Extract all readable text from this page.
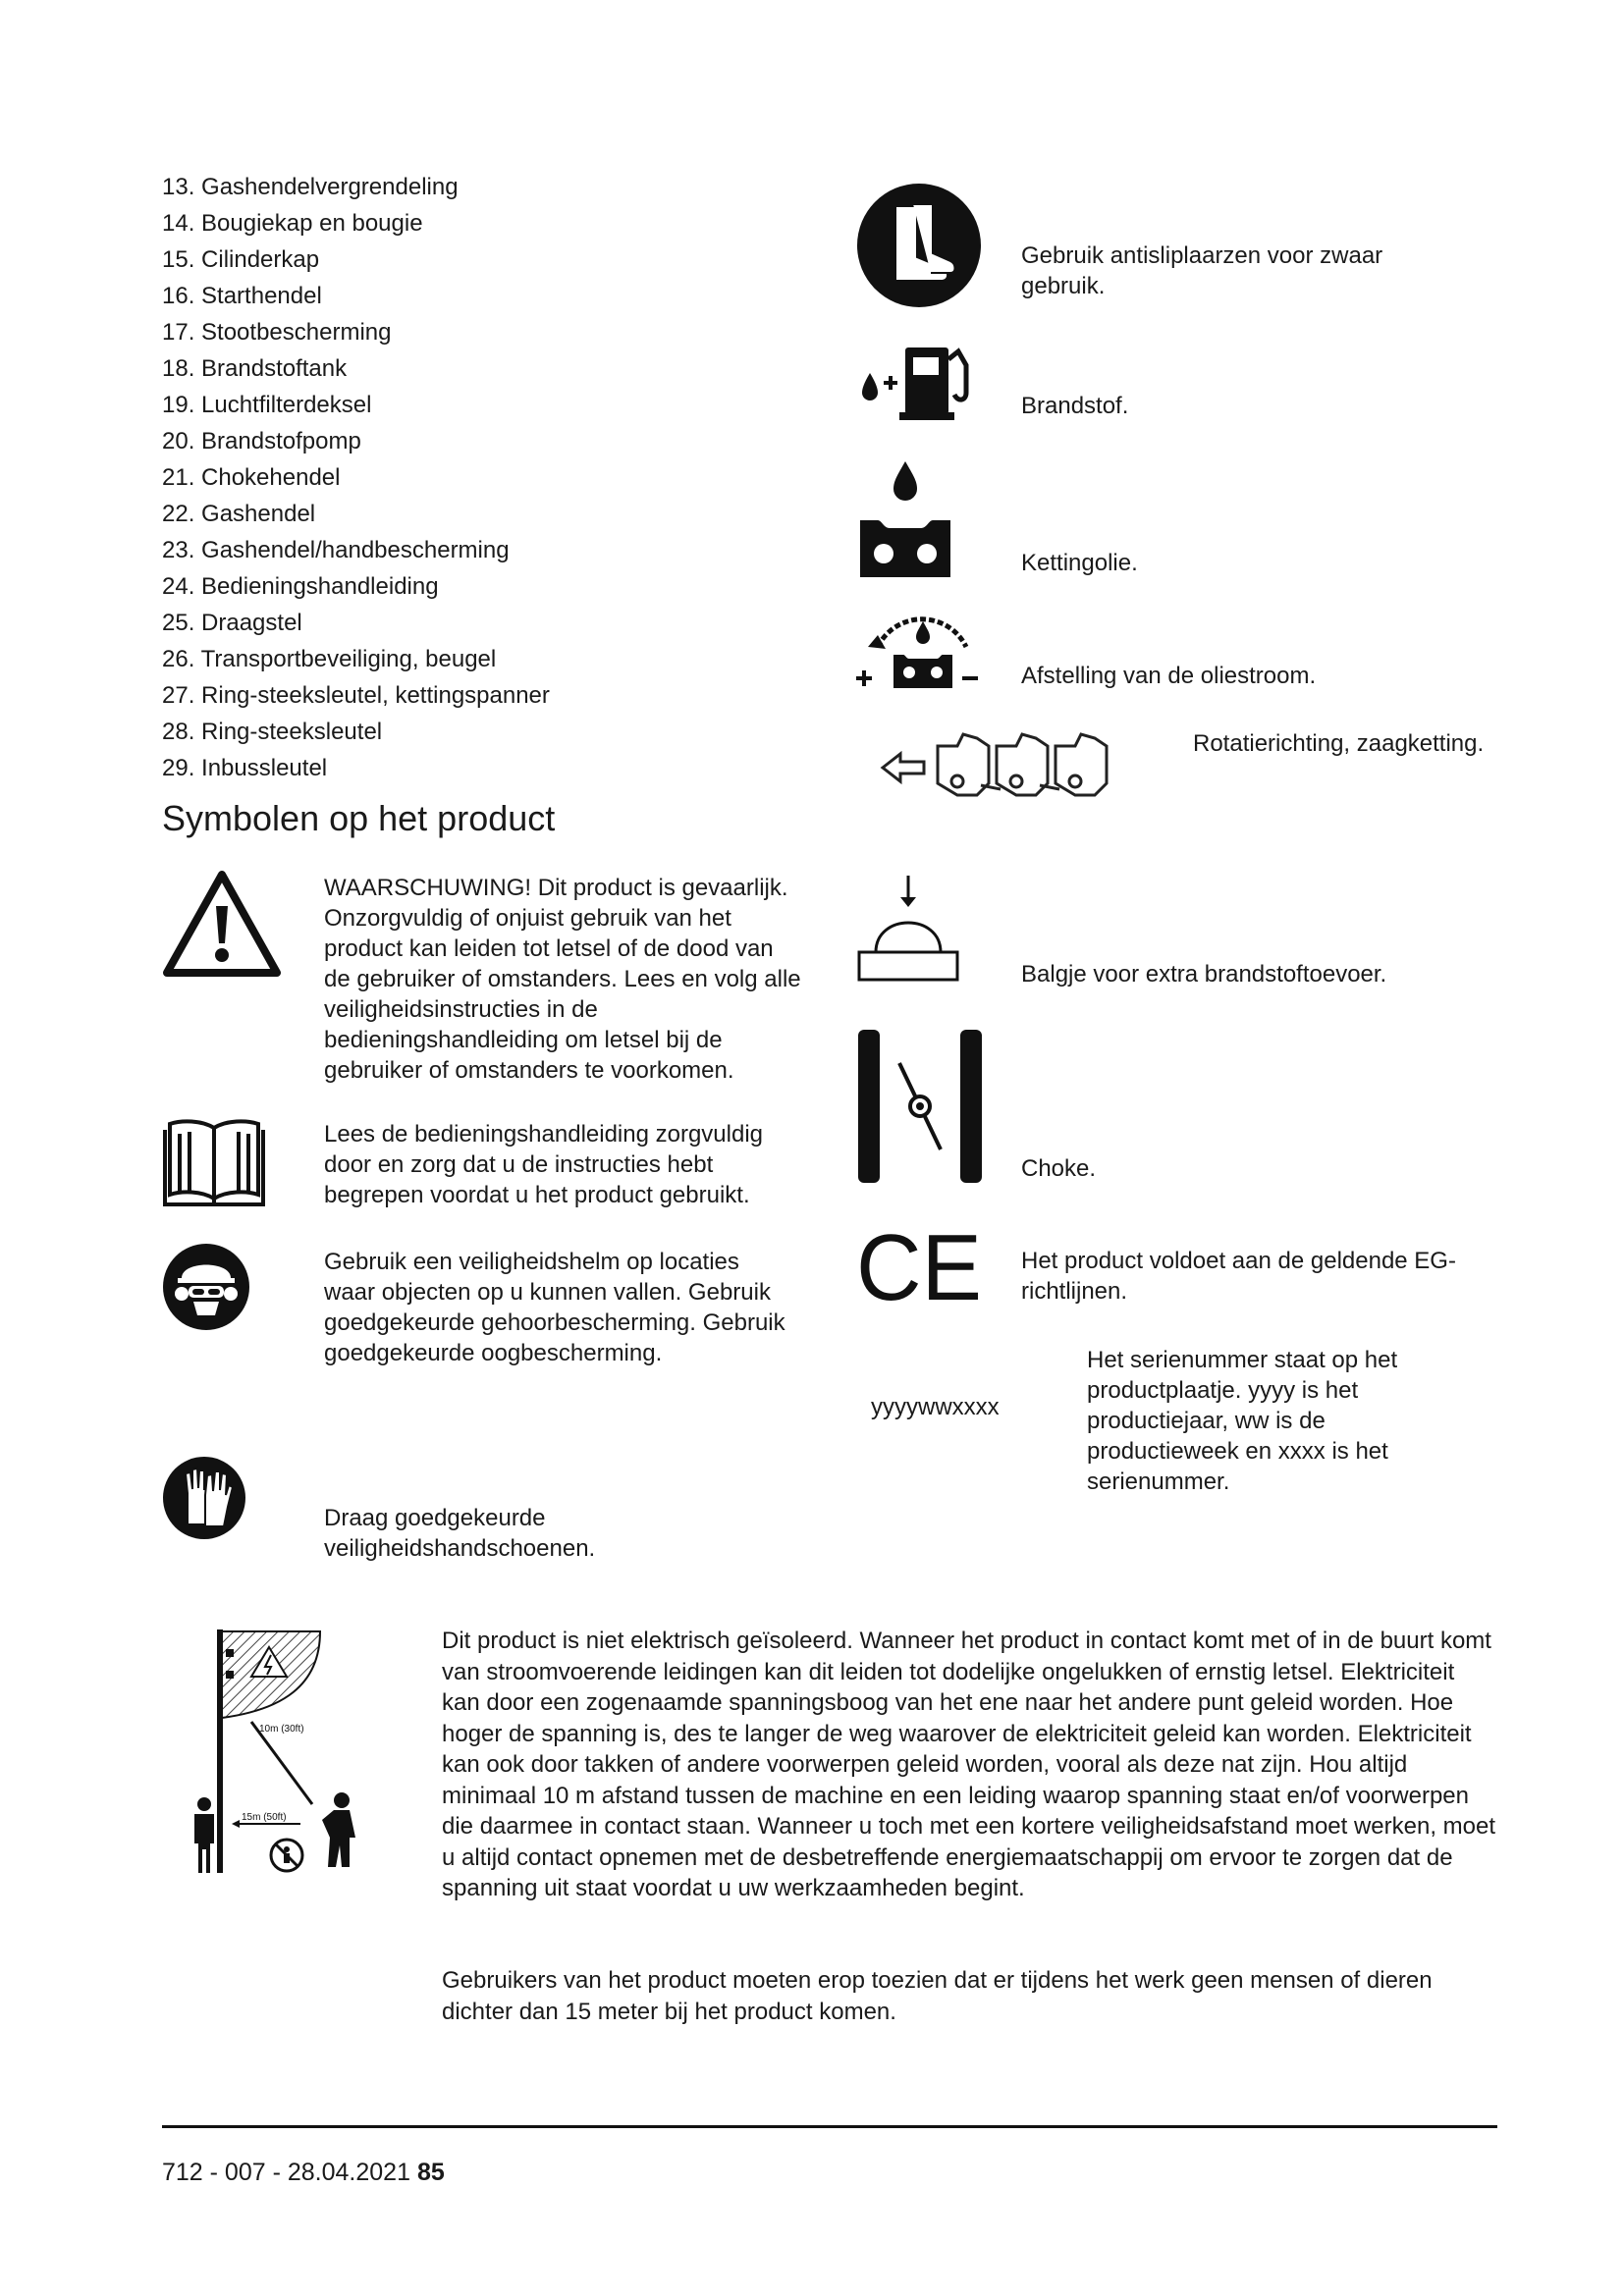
13. Gashendelvergrendeling
14. Bougiekap en bougie
15. Cilinderkap
16. Starthendel
17. Stootbescherming
18. Brandstoftank
19. Luchtfilterdeksel
20. Brandstofpomp
21. Chokehendel
22. Gashendel
23. Gashendel/handbescherming
24. Bedieningshandleiding
25. Draagstel
26. Transportbeveiliging, beugel
27. Ring-steeksleutel, kettingspanner
28. Ring-steeksleutel
29. Inbussleutel
Symbolen op het product
WAARSCHUWING! Dit product is gevaarlijk. Onzorgvuldig of onjuist gebruik van het product kan leiden tot letsel of de dood van de gebruiker of omstanders. Lees en volg alle veiligheidsinstructies in de bedieningshandleiding om letsel bij de gebruiker of omstanders te voorkomen.
Lees de bedieningshandleiding zorgvuldig door en zorg dat u de instructies hebt begrepen voordat u het product gebruikt.
Gebruik een veiligheidshelm op locaties waar objecten op u kunnen vallen. Gebruik goedgekeurde gehoorbescherming. Gebruik goedgekeurde oogbescherming.
Draag goedgekeurde veiligheidshandschoenen.
Gebruik antisliplaarzen voor zwaar gebruik.
Brandstof.
Kettingolie.
Afstelling van de oliestroom.
Rotatierichting, zaagketting.
Balgje voor extra brandstoftoevoer.
Choke.
CE Het product voldoet aan de geldende EG-richtlijnen.
yyyywwxxxx
Het serienummer staat op het productplaatje. yyyy is het productiejaar, ww is de productieweek en xxxx is het serienummer.
10m (30ft)
15m (50ft)
Dit product is niet elektrisch geïsoleerd. Wanneer het product in contact komt met of in de buurt komt van stroomvoerende leidingen kan dit leiden tot dodelijke ongelukken of ernstig letsel. Elektriciteit kan door een zogenaamde spanningsboog van het ene naar het andere punt geleid worden. Hoe hoger de spanning is, des te langer de weg waarover de elektriciteit geleid kan worden. Elektriciteit kan ook door takken of andere voorwerpen geleid worden, vooral als deze nat zijn. Hou altijd minimaal 10 m afstand tussen de machine en een leiding waarop spanning staat en/of voorwerpen die daarmee in contact staan. Wanneer u toch met een kortere veiligheidsafstand moet werken, moet u altijd contact opnemen met de desbetreffende energiemaatschappij om ervoor te zorgen dat de spanning uit staat voordat u uw werkzaamheden begint.
Gebruikers van het product moeten erop toezien dat er tijdens het werk geen mensen of dieren dichter dan 15 meter bij het product komen.
712 - 007 - 28.04.2021 85
